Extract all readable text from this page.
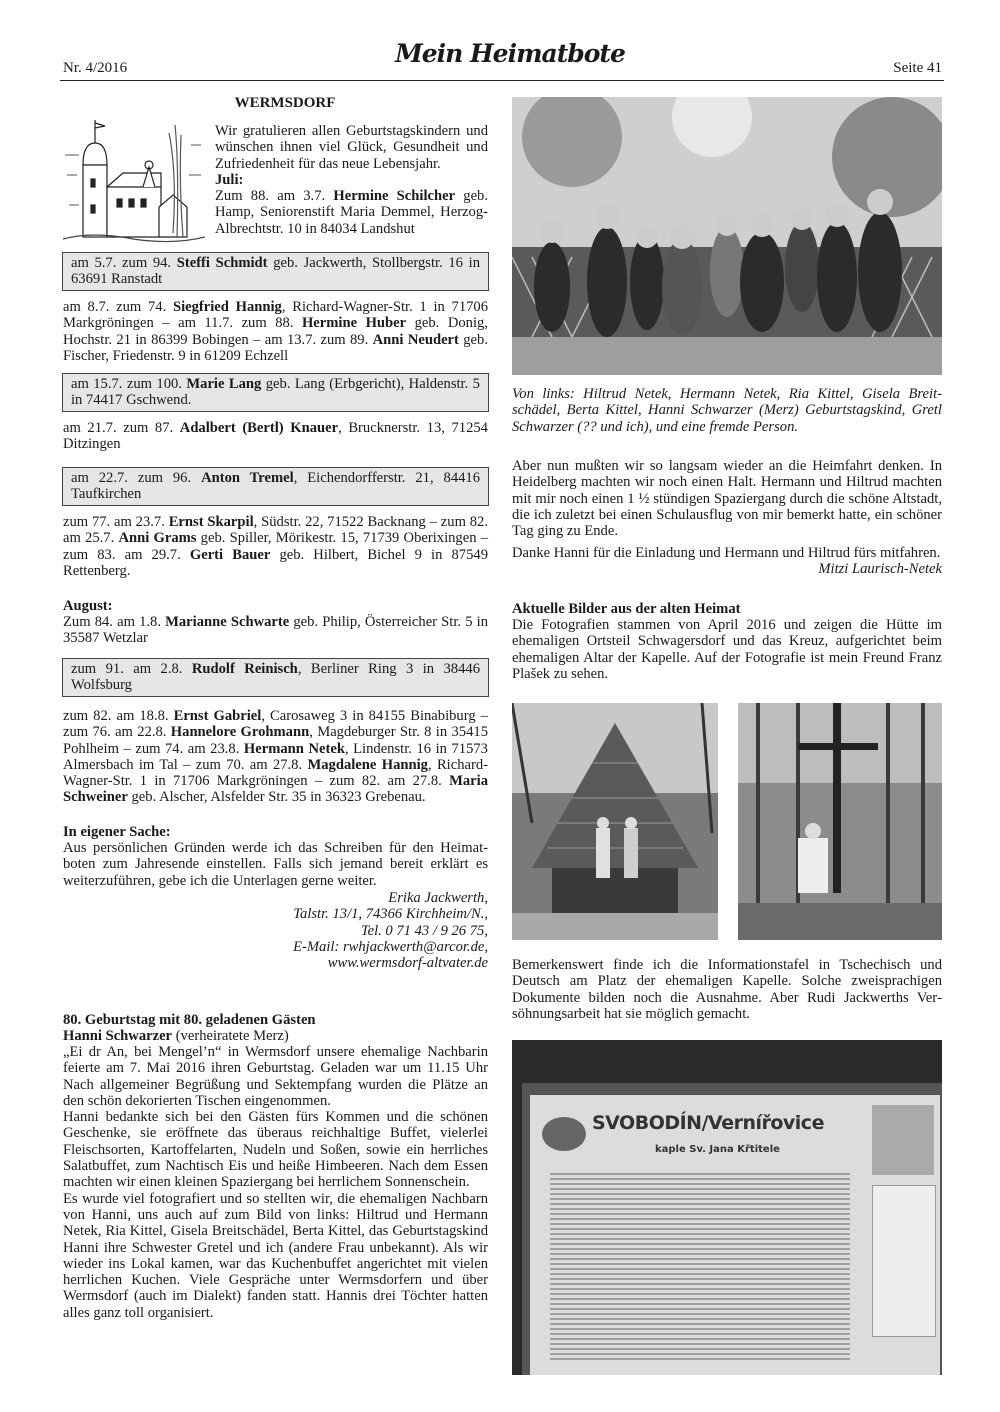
Nr. 4/2016	Mein Heimatbote	Seite 41
WERMSDORF

Wir gratulieren allen Geburtstagskindern und wünschen ihnen viel Glück, Gesundheit und Zufriedenheit für das neue Lebensjahr.

Juli:

Zum 88. am 3.7. Hermine Schilcher geb. Hamp, Seniorenstift Maria Demmel, Herzog-Albrechtstr. 10 in 84034 Landshut

am 5.7. zum 94. Steffi Schmidt geb. Jackwerth, Stollbergstr. 16 in 63691 Ranstadt

am 8.7. zum 74. Siegfried Hannig, Richard-Wagner-Str. 1 in 71706 Markgröningen – am 11.7. zum 88. Hermine Huber geb. Donig, Hochstr. 21 in 86399 Bobingen – am 13.7. zum 89. Anni Neudert geb. Fischer, Friedenstr. 9 in 61209 Echzell

am 15.7. zum 100. Marie Lang geb. Lang (Erbgericht), Haldenstr. 5 in 74417 Gschwend.

am 21.7. zum 87. Adalbert (Bertl) Knauer, Brucknerstr. 13, 71254 Ditzingen

am 22.7. zum 96. Anton Tremel, Eichendorfferstr. 21, 84416 Taufkirchen

zum 77. am 23.7. Ernst Skarpil, Südstr. 22, 71522 Backnang – zum 82. am 25.7. Anni Grams geb. Spiller, Mörikestr. 15, 71739 Oberixingen – zum 83. am 29.7. Gerti Bauer geb. Hilbert, Bichel 9 in 87549 Rettenberg.

August:

Zum 84. am 1.8. Marianne Schwarte geb. Philip, Österreicher Str. 5 in 35587 Wetzlar

zum 91. am 2.8. Rudolf Reinisch, Berliner Ring 3 in 38446 Wolfsburg

zum 82. am 18.8. Ernst Gabriel, Carosaweg 3 in 84155 Binabiburg – zum 76. am 22.8. Hannelore Grohmann, Magdeburger Str. 8 in 35415 Pohlheim – zum 74. am 23.8. Hermann Netek, Lindenstr. 16 in 71573 Almersbach im Tal – zum 70. am 27.8. Magdalene Hannig, Richard-Wagner-Str. 1 in 71706 Markgröningen – zum 82. am 27.8. Maria Schweiner geb. Alscher, Alsfelder Str. 35 in 36323 Grebenau.

In eigener Sache:

Aus persönlichen Gründen werde ich das Schreiben für den Heimatboten zum Jahresende einstellen. Falls sich jemand bereit erklärt es weiterzuführen, gebe ich die Unterlagen gerne weiter.

Erika Jackwerth,
Talstr. 13/1, 74366 Kirchheim/N.,
Tel. 0 71 43 / 9 26 75,
E-Mail: rwhjackwerth@arcor.de,
www.wermsdorf-altvater.de
80. Geburtstag mit 80. geladenen Gästen

Hanni Schwarzer (verheiratete Merz)

„Ei dr An, bei Mengel’n“ in Wermsdorf unsere ehemalige Nachbarin feierte am 7. Mai 2016 ihren Geburtstag. Geladen war um 11.15 Uhr Nach allgemeiner Begrüßung und Sektempfang wurden die Plätze an den schön dekorierten Tischen eingenommen.

Hanni bedankte sich bei den Gästen fürs Kommen und die schönen Geschenke, sie eröffnete das überaus reichhaltige Buffet, vielerlei Fleischsorten, Kartoffelarten, Nudeln und Soßen, sowie ein herrliches Salatbuffet, zum Nachtisch Eis und heiße Himbeeren. Nach dem Essen machten wir einen kleinen Spaziergang bei herrlichem Sonnenschein.

Es wurde viel fotografiert und so stellten wir, die ehemaligen Nachbarn von Hanni, uns auch auf zum Bild von links: Hiltrud und Hermann Netek, Ria Kittel, Gisela Breitschädel, Berta Kittel, das Geburtstagskind Hanni ihre Schwester Gretel und ich (andere Frau unbekannt). Als wir wieder ins Lokal kamen, war das Kuchenbuffet angerichtet mit vielen herrlichen Kuchen. Viele Gespräche unter Wermsdorfern und über Wermsdorf (auch im Dialekt) fanden statt. Hannis drei Töchter hatten alles ganz toll organisiert.

Von links: Hiltrud Netek, Hermann Netek, Ria Kittel, Gisela Breitschädel, Berta Kittel, Hanni Schwarzer (Merz) Geburtstagskind, Gretl Schwarzer (?? und ich), und eine fremde Person.

Aber nun mußten wir so langsam wieder an die Heimfahrt denken. In Heidelberg machten wir noch einen Halt. Hermann und Hiltrud machten mit mir noch einen 1 ½ stündigen Spaziergang durch die schöne Altstadt, die ich zuletzt bei einen Schulausflug von mir bemerkt hatte, ein schöner Tag ging zu Ende.

Danke Hanni für die Einladung und Hermann und Hiltrud fürs mitfahren.

Mitzi Laurisch-Netek
Aktuelle Bilder aus der alten Heimat

Die Fotografien stammen von April 2016 und zeigen die Hütte im ehemaligen Ortsteil Schwagersdorf und das Kreuz, aufgerichtet beim ehemaligen Altar der Kapelle. Auf der Fotografie ist mein Freund Franz Plašek zu sehen.

Bemerkenswert finde ich die Informationstafel in Tschechisch und Deutsch am Platz der ehemaligen Kapelle. Solche zweisprachigen Dokumente bilden noch die Ausnahme. Aber Rudi Jackwerths Versöhnungsarbeit hat sie möglich gemacht.

SVOBODÍN/Vernířovice
kaple Sv. Jana Křtitele
